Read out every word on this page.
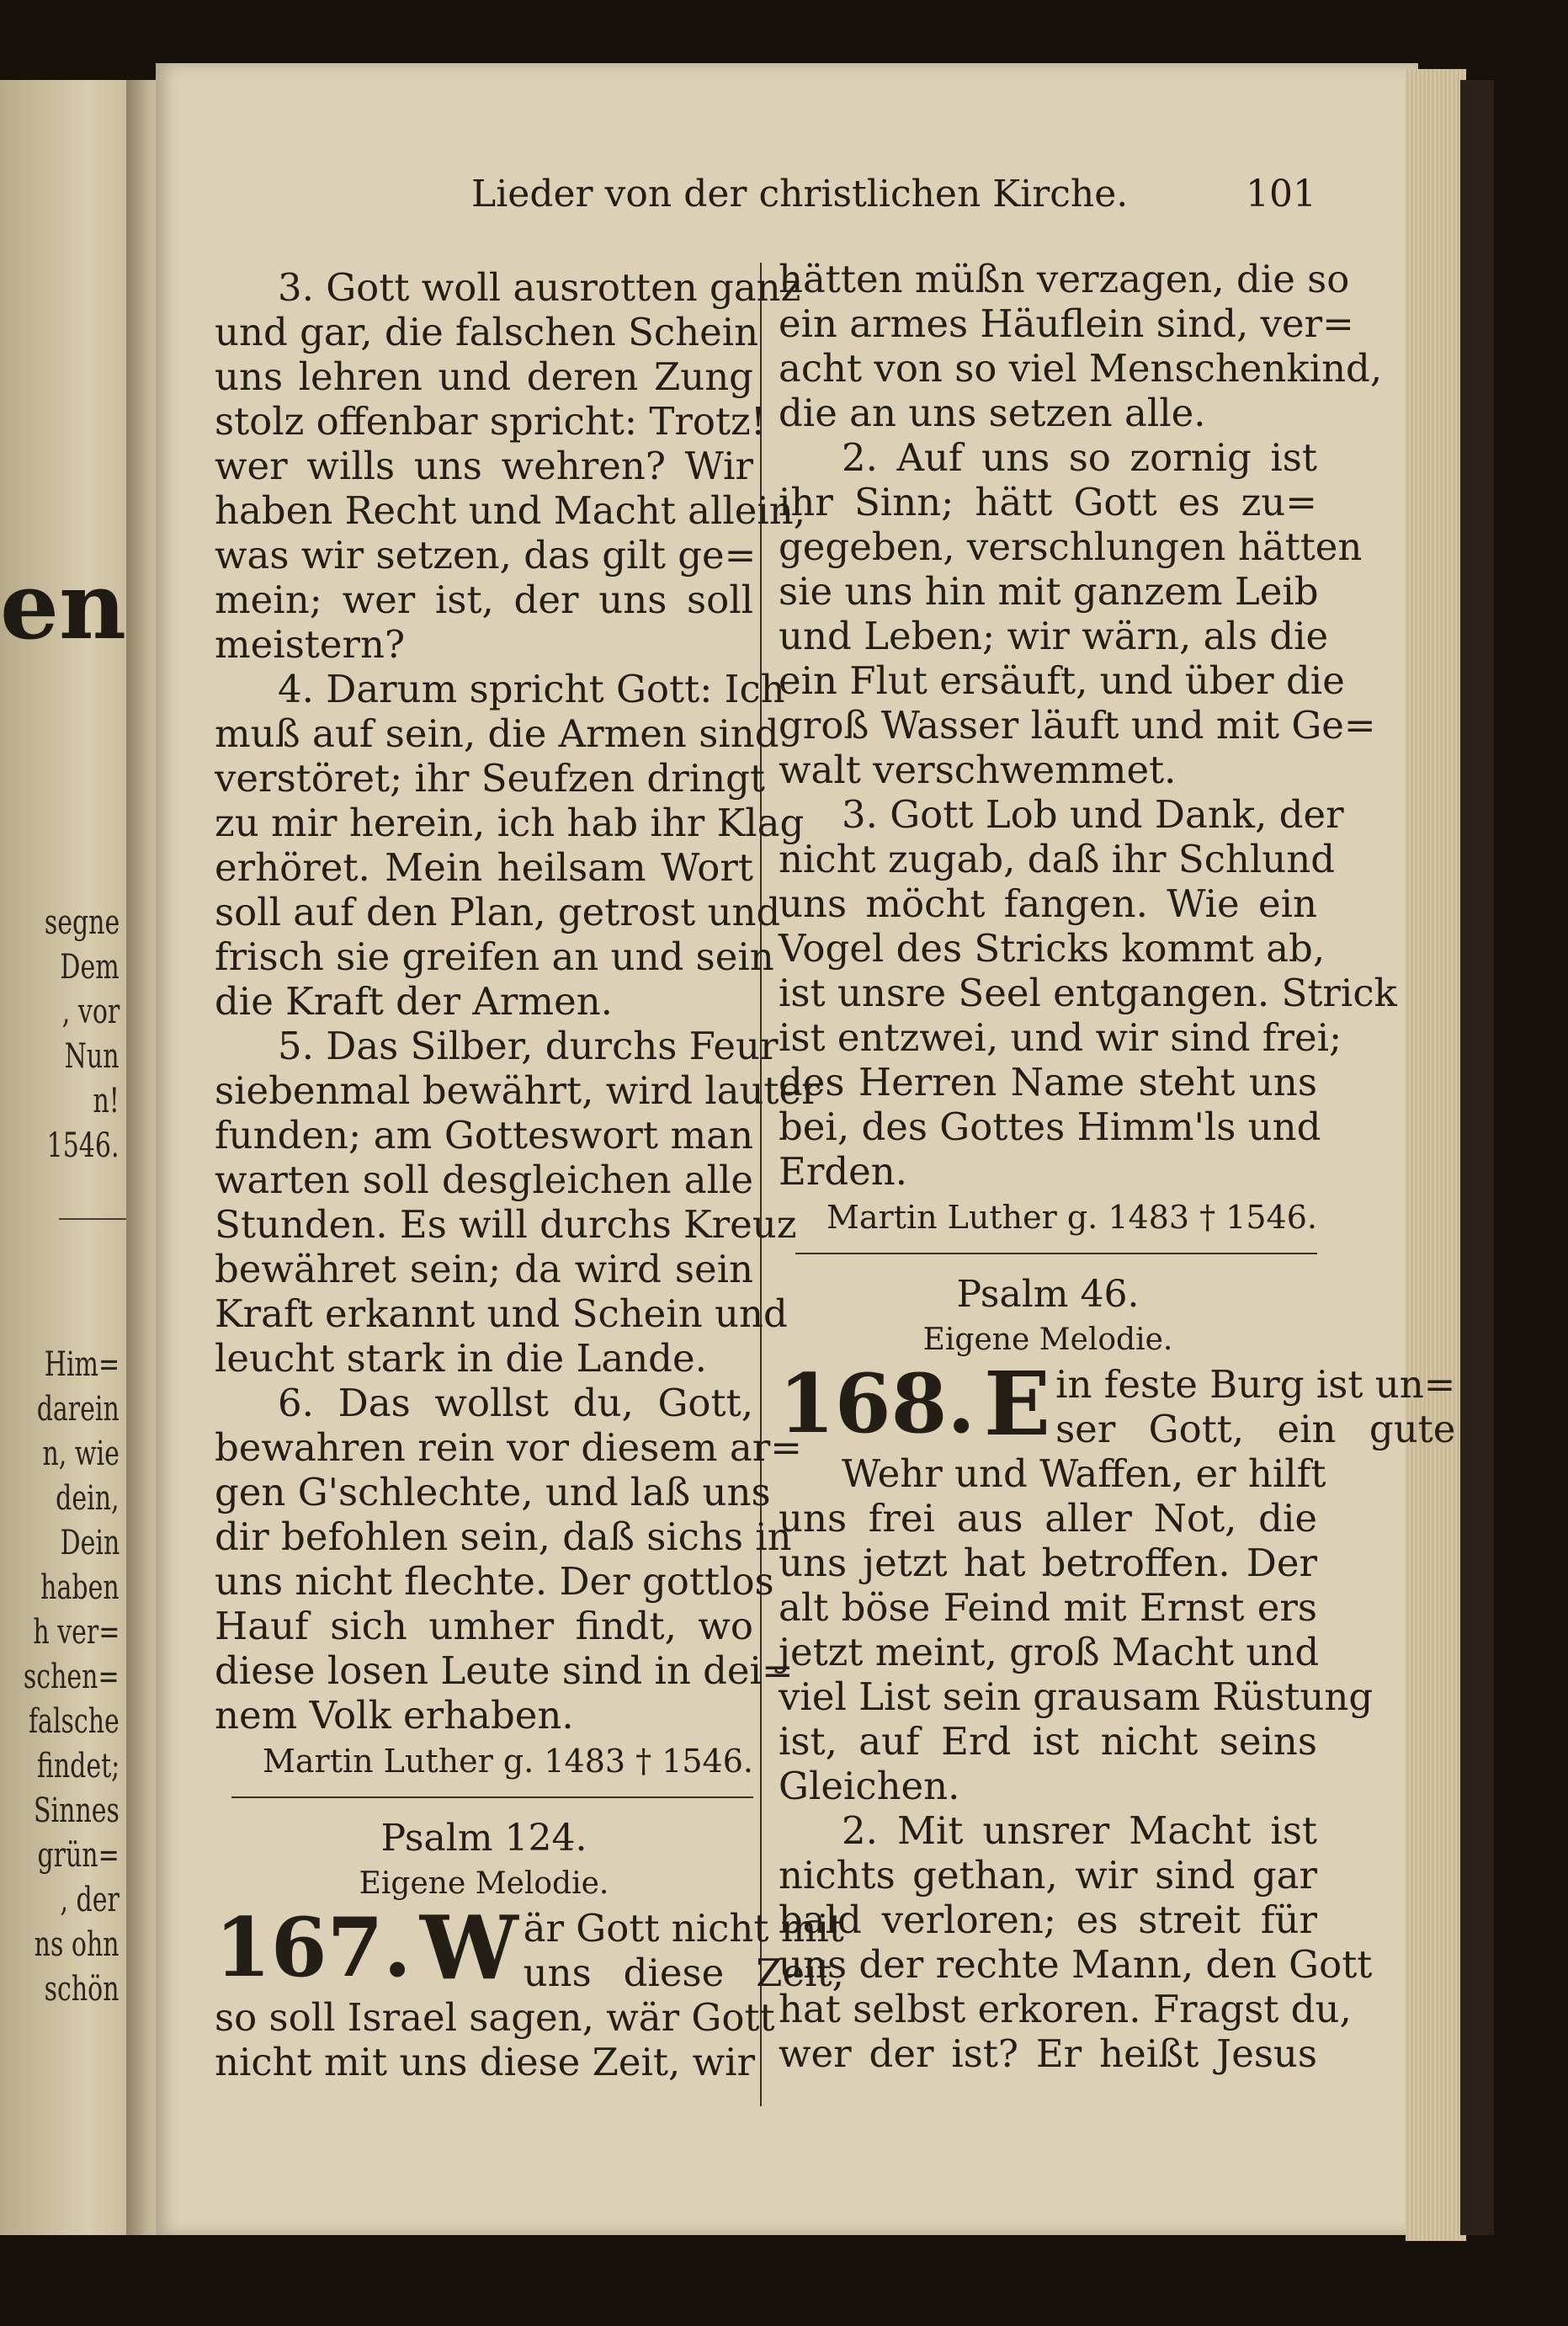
en
segne
Dem
, vor
Nun
n!
1546.
Him=
darein
n, wie
dein,
Dein
haben
h ver=
schen=
falsche
findet;
Sinnes
grün=
, der
ns ohn
schön
Lieder von der christlichen Kirche.	101
3. Gott woll ausrotten ganz
und gar, die falschen Schein
uns lehren und deren Zung
stolz offenbar spricht: Trotz!
wer wills uns wehren? Wir
haben Recht und Macht allein,
was wir setzen, das gilt ge=
mein; wer ist, der uns soll
meistern?
4. Darum spricht Gott: Ich
muß auf sein, die Armen sind
verstöret; ihr Seufzen dringt
zu mir herein, ich hab ihr Klag
erhöret. Mein heilsam Wort
soll auf den Plan, getrost und
frisch sie greifen an und sein
die Kraft der Armen.
5. Das Silber, durchs Feur
siebenmal bewährt, wird lauter
funden; am Gotteswort man
warten soll desgleichen alle
Stunden. Es will durchs Kreuz
bewähret sein; da wird sein
Kraft erkannt und Schein und
leucht stark in die Lande.
6. Das wollst du, Gott,
bewahren rein vor diesem ar=
gen G'schlechte, und laß uns
dir befohlen sein, daß sichs in
uns nicht flechte. Der gottlos
Hauf sich umher findt, wo
diese losen Leute sind in dei=
nem Volk erhaben.
Martin Luther g. 1483 † 1546.
Psalm 124.
Eigene Melodie.
167. W är Gott nicht mit
uns diese Zeit,
so soll Israel sagen, wär Gott
nicht mit uns diese Zeit, wir
hätten müßn verzagen, die so
ein armes Häuflein sind, ver=
acht von so viel Menschenkind,
die an uns setzen alle.
2. Auf uns so zornig ist
ihr Sinn; hätt Gott es zu=
gegeben, verschlungen hätten
sie uns hin mit ganzem Leib
und Leben; wir wärn, als die
ein Flut ersäuft, und über die
groß Wasser läuft und mit Ge=
walt verschwemmet.
3. Gott Lob und Dank, der
nicht zugab, daß ihr Schlund
uns möcht fangen. Wie ein
Vogel des Stricks kommt ab,
ist unsre Seel entgangen. Strick
ist entzwei, und wir sind frei;
des Herren Name steht uns
bei, des Gottes Himm'ls und
Erden.
Martin Luther g. 1483 † 1546.
Psalm 46.
Eigene Melodie.
168. E in feste Burg ist un=
ser Gott, ein gute
Wehr und Waffen, er hilft
uns frei aus aller Not, die
uns jetzt hat betroffen. Der
alt böse Feind mit Ernst ers
jetzt meint, groß Macht und
viel List sein grausam Rüstung
ist, auf Erd ist nicht seins
Gleichen.
2. Mit unsrer Macht ist
nichts gethan, wir sind gar
bald verloren; es streit für
uns der rechte Mann, den Gott
hat selbst erkoren. Fragst du,
wer der ist? Er heißt Jesus
